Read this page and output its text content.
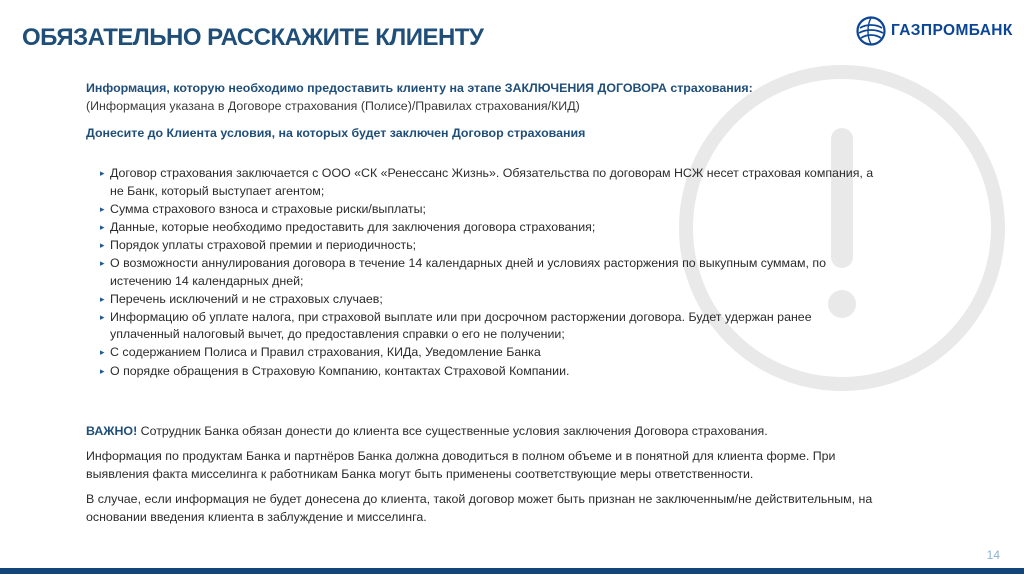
ОБЯЗАТЕЛЬНО РАССКАЖИТЕ КЛИЕНТУ	ГАЗПРОМБАНК
Информация, которую необходимо предоставить клиенту на этапе ЗАКЛЮЧЕНИЯ ДОГОВОРА страхования:
(Информация указана в Договоре страхования (Полисе)/Правилах страхования/КИД)
Донесите до Клиента условия, на которых будет заключен Договор страхования
▸ Договор страхования заключается с ООО «СК «Ренессанс Жизнь». Обязательства по договорам НСЖ несет страховая компания, а не Банк, который выступает агентом;
▸ Сумма страхового взноса и страховые риски/выплаты;
▸ Данные, которые необходимо предоставить для заключения договора страхования;
▸ Порядок уплаты страховой премии и периодичность;
▸ О возможности аннулирования договора в течение 14 календарных дней и условиях расторжения по выкупным суммам, по истечению 14 календарных дней;
▸ Перечень исключений и не страховых случаев;
▸ Информацию об уплате налога, при страховой выплате или при досрочном расторжении договора. Будет удержан ранее уплаченный налоговый вычет, до предоставления справки о его не получении;
▸ С содержанием Полиса и Правил страхования, КИДа, Уведомление Банка
▸ О порядке обращения в Страховую Компанию, контактах Страховой Компании.

ВАЖНО! Сотрудник Банка обязан донести до клиента все существенные условия заключения Договора страхования.

Информация по продуктам Банка и партнёров Банка должна доводиться в полном объеме и в понятной для клиента форме. При выявления факта мисселинга к работникам Банка могут быть применены соответствующие меры ответственности.

В случае, если информация не будет донесена до клиента, такой договор может быть признан не заключенным/не действительным, на основании введения клиента в заблуждение и мисселинга.

14
